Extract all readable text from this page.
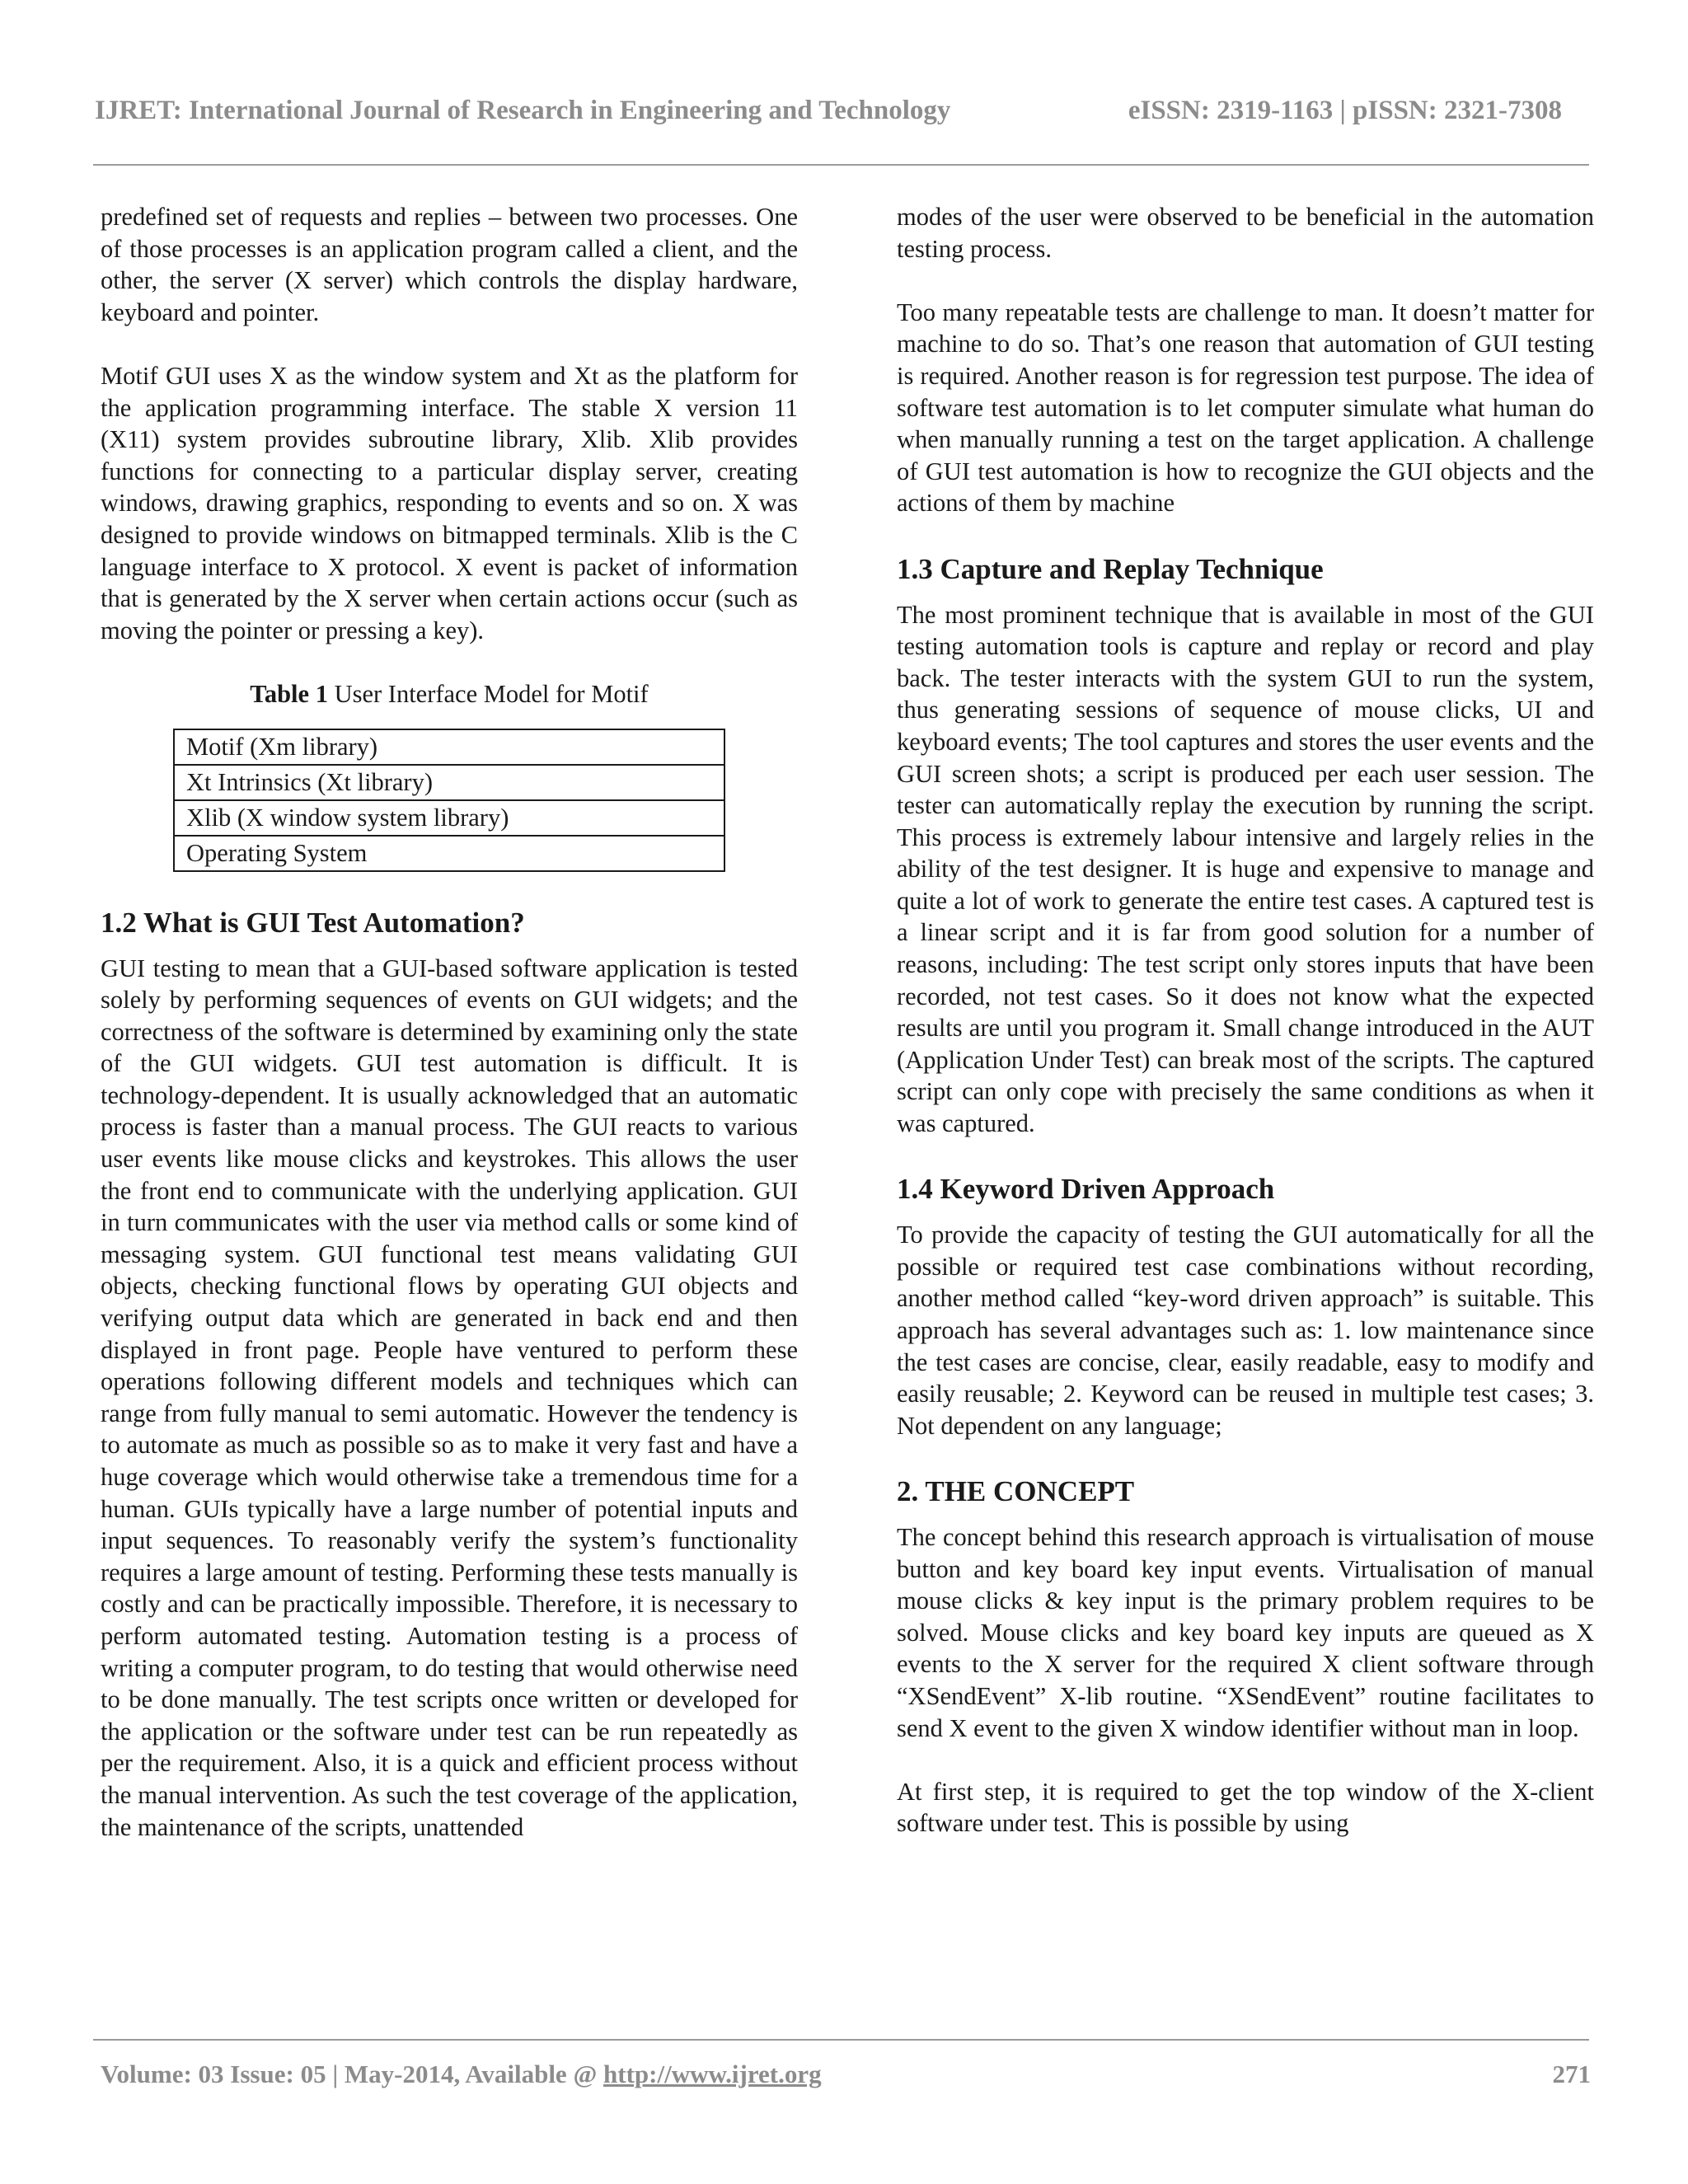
IJRET: International Journal of Research in Engineering and Technology	eISSN: 2319-1163 | pISSN: 2321-7308

predefined set of requests and replies – between two processes. One of those processes is an application program called a client, and the other, the server (X server) which controls the display hardware, keyboard and pointer.

Motif GUI uses X as the window system and Xt as the platform for the application programming interface. The stable X version 11 (X11) system provides subroutine library, Xlib. Xlib provides functions for connecting to a particular display server, creating windows, drawing graphics, responding to events and so on. X was designed to provide windows on bitmapped terminals. Xlib is the C language interface to X protocol. X event is packet of information that is generated by the X server when certain actions occur (such as moving the pointer or pressing a key).

Table 1 User Interface Model for Motif
Motif (Xm library)
Xt Intrinsics (Xt library)
Xlib (X window system library)
Operating System
1.2 What is GUI Test Automation?

GUI testing to mean that a GUI-based software application is tested solely by performing sequences of events on GUI widgets; and the correctness of the software is determined by examining only the state of the GUI widgets. GUI test automation is difficult. It is technology-dependent. It is usually acknowledged that an automatic process is faster than a manual process. The GUI reacts to various user events like mouse clicks and keystrokes. This allows the user the front end to communicate with the underlying application. GUI in turn communicates with the user via method calls or some kind of messaging system. GUI functional test means validating GUI objects, checking functional flows by operating GUI objects and verifying output data which are generated in back end and then displayed in front page. People have ventured to perform these operations following different models and techniques which can range from fully manual to semi automatic. However the tendency is to automate as much as possible so as to make it very fast and have a huge coverage which would otherwise take a tremendous time for a human. GUIs typically have a large number of potential inputs and input sequences. To reasonably verify the system’s functionality requires a large amount of testing. Performing these tests manually is costly and can be practically impossible. Therefore, it is necessary to perform automated testing. Automation testing is a process of writing a computer program, to do testing that would otherwise need to be done manually. The test scripts once written or developed for the application or the software under test can be run repeatedly as per the requirement. Also, it is a quick and efficient process without the manual intervention. As such the test coverage of the application, the maintenance of the scripts, unattended

modes of the user were observed to be beneficial in the automation testing process.

Too many repeatable tests are challenge to man. It doesn’t matter for machine to do so. That’s one reason that automation of GUI testing is required. Another reason is for regression test purpose. The idea of software test automation is to let computer simulate what human do when manually running a test on the target application. A challenge of GUI test automation is how to recognize the GUI objects and the actions of them by machine

1.3 Capture and Replay Technique

The most prominent technique that is available in most of the GUI testing automation tools is capture and replay or record and play back. The tester interacts with the system GUI to run the system, thus generating sessions of sequence of mouse clicks, UI and keyboard events; The tool captures and stores the user events and the GUI screen shots; a script is produced per each user session. The tester can automatically replay the execution by running the script. This process is extremely labour intensive and largely relies in the ability of the test designer. It is huge and expensive to manage and quite a lot of work to generate the entire test cases. A captured test is a linear script and it is far from good solution for a number of reasons, including: The test script only stores inputs that have been recorded, not test cases. So it does not know what the expected results are until you program it. Small change introduced in the AUT (Application Under Test) can break most of the scripts. The captured script can only cope with precisely the same conditions as when it was captured.

1.4 Keyword Driven Approach

To provide the capacity of testing the GUI automatically for all the possible or required test case combinations without recording, another method called “key-word driven approach” is suitable. This approach has several advantages such as: 1. low maintenance since the test cases are concise, clear, easily readable, easy to modify and easily reusable; 2. Keyword can be reused in multiple test cases; 3. Not dependent on any language;

2. THE CONCEPT

The concept behind this research approach is virtualisation of mouse button and key board key input events. Virtualisation of manual mouse clicks & key input is the primary problem requires to be solved. Mouse clicks and key board key inputs are queued as X events to the X server for the required X client software through “XSendEvent” X-lib routine. “XSendEvent” routine facilitates to send X event to the given X window identifier without man in loop.

At first step, it is required to get the top window of the X-client software under test. This is possible by using

Volume: 03 Issue: 05 | May-2014, Available @ http://www.ijret.org	271
